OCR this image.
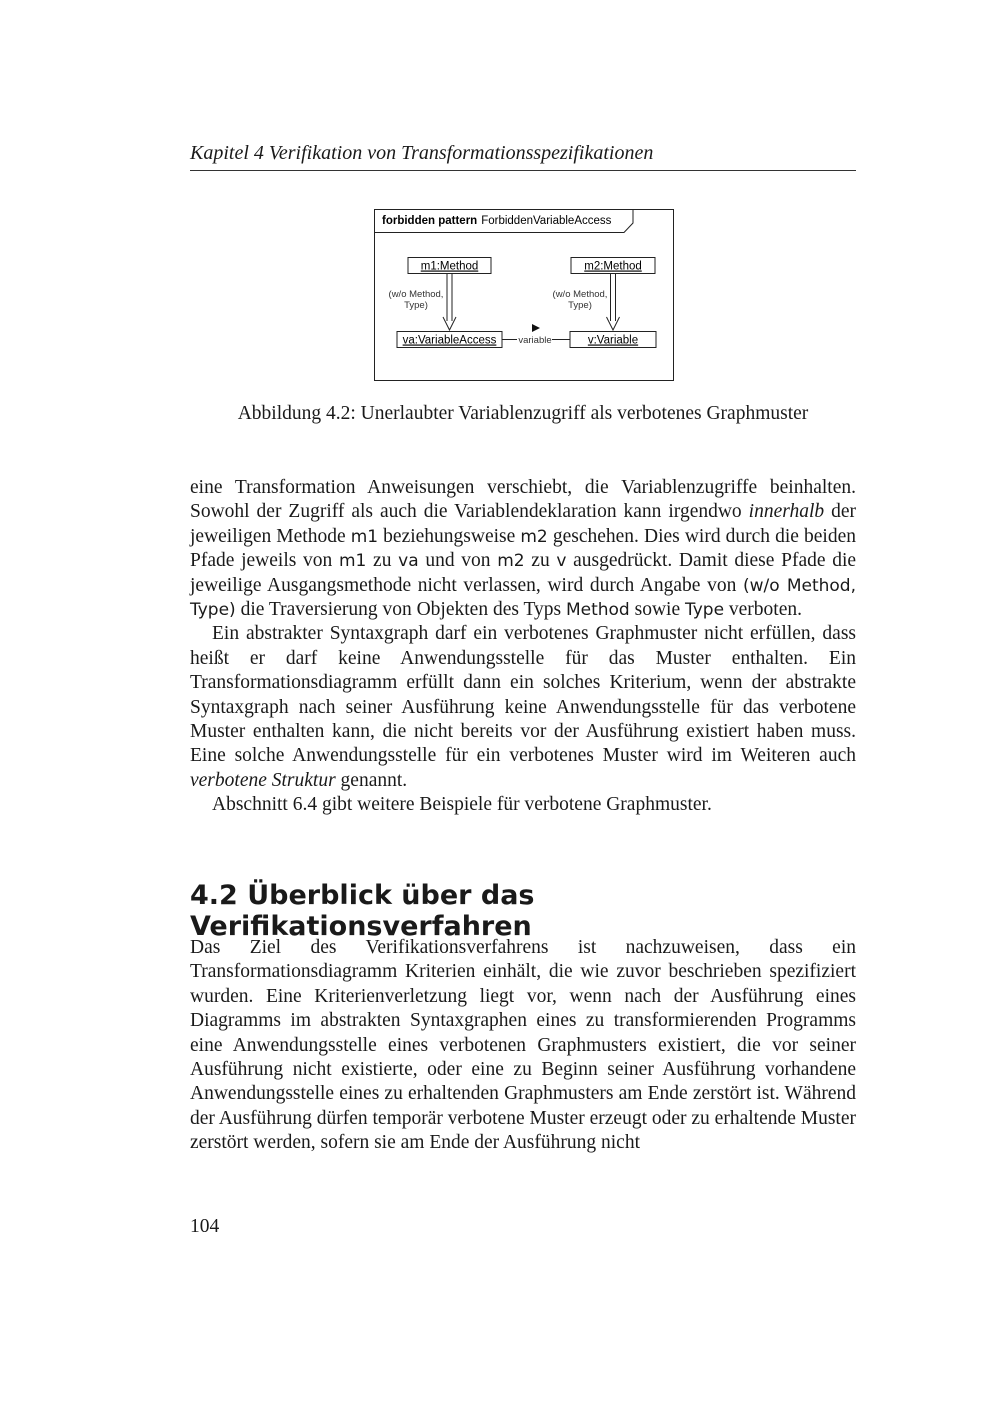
Kapitel 4 Verifikation von Transformationsspezifikationen
forbidden pattern ForbiddenVariableAccess
m1:Method	m2:Method
(w/o Method,
Type)
(w/o Method,
Type)
va:VariableAccess	v:Variable
variable
Abbildung 4.2: Unerlaubter Variablenzugriff als verbotenes Graphmuster

eine Transformation Anweisungen verschiebt, die Variablenzugriffe beinhalten. Sowohl der Zugriff als auch die Variablendeklaration kann irgendwo innerhalb der jeweiligen Methode m1 beziehungsweise m2 geschehen. Dies wird durch die beiden Pfade jeweils von m1 zu va und von m2 zu v ausgedrückt. Damit diese Pfade die jeweilige Ausgangsmethode nicht verlassen, wird durch Angabe von (w/o Method, Type) die Traversierung von Objekten des Typs Method sowie Type verboten.

Ein abstrakter Syntaxgraph darf ein verbotenes Graphmuster nicht erfüllen, dass heißt er darf keine Anwendungsstelle für das Muster enthalten. Ein Transformationsdiagramm erfüllt dann ein solches Kriterium, wenn der abstrakte Syntaxgraph nach seiner Ausführung keine Anwendungsstelle für das verbotene Muster enthalten kann, die nicht bereits vor der Ausführung existiert haben muss. Eine solche Anwendungsstelle für ein verbotenes Muster wird im Weiteren auch verbotene Struktur genannt.

Abschnitt 6.4 gibt weitere Beispiele für verbotene Graphmuster.

4.2 Überblick über das Verifikationsverfahren

Das Ziel des Verifikationsverfahrens ist nachzuweisen, dass ein Transformationsdiagramm Kriterien einhält, die wie zuvor beschrieben spezifiziert wurden. Eine Kriterienverletzung liegt vor, wenn nach der Ausführung eines Diagramms im abstrakten Syntaxgraphen eines zu transformierenden Programms eine Anwendungsstelle eines verbotenen Graphmusters existiert, die vor seiner Ausführung nicht existierte, oder eine zu Beginn seiner Ausführung vorhandene Anwendungsstelle eines zu erhaltenden Graphmusters am Ende zerstört ist. Während der Ausführung dürfen temporär verbotene Muster erzeugt oder zu erhaltende Muster zerstört werden, sofern sie am Ende der Ausführung nicht

104
